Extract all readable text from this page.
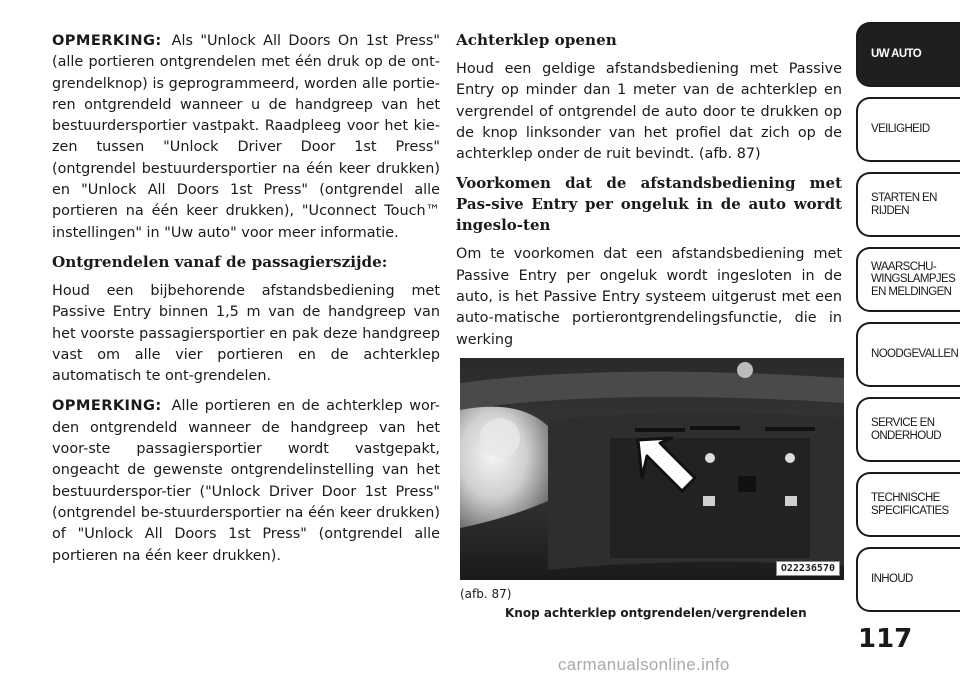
OPMERKING: Als "Unlock All Doors On 1st Press" (alle portieren ontgrendelen met één druk op de ont-grendelknop) is geprogrammeerd, worden alle portie-ren ontgrendeld wanneer u de handgreep van het bestuurdersportier vastpakt. Raadpleeg voor het kie-zen tussen "Unlock Driver Door 1st Press" (ontgrendel bestuurdersportier na één keer drukken) en "Unlock All Doors 1st Press" (ontgrendel alle portieren na één keer drukken), "Uconnect Touch™ instellingen" in "Uw auto" voor meer informatie.

Ontgrendelen vanaf de passagierszijde:

Houd een bijbehorende afstandsbediening met Passive Entry binnen 1,5 m van de handgreep van het voorste passagiersportier en pak deze handgreep vast om alle vier portieren en de achterklep automatisch te ont-grendelen.

OPMERKING: Alle portieren en de achterklep wor-den ontgrendeld wanneer de handgreep van het voor-ste passagiersportier wordt vastgepakt, ongeacht de gewenste ontgrendelinstelling van het bestuurderspor-tier ("Unlock Driver Door 1st Press" (ontgrendel be-stuurdersportier na één keer drukken) of "Unlock All Doors 1st Press" (ontgrendel alle portieren na één keer drukken).

Achterklep openen

Houd een geldige afstandsbediening met Passive Entry op minder dan 1 meter van de achterklep en vergrendel of ontgrendel de auto door te drukken op de knop linksonder van het profiel dat zich op de achterklep onder de ruit bevindt. (afb. 87)

Voorkomen dat de afstandsbediening met Pas-sive Entry per ongeluk in de auto wordt ingeslo-ten

Om te voorkomen dat een afstandsbediening met Passive Entry per ongeluk wordt ingesloten in de auto, is het Passive Entry systeem uitgerust met een auto-matische portierontgrendelingsfunctie, die in werking

O22236570
(afb. 87)
Knop achterklep ontgrendelen/vergrendelen
UW AUTO
VEILIGHEID
STARTEN EN RIJDEN
WAARSCHU-WINGSLAMPJES EN MELDINGEN
NOODGEVALLEN
SERVICE EN ONDERHOUD
TECHNISCHE SPECIFICATIES
INHOUD
117
carmanualsonline.info
